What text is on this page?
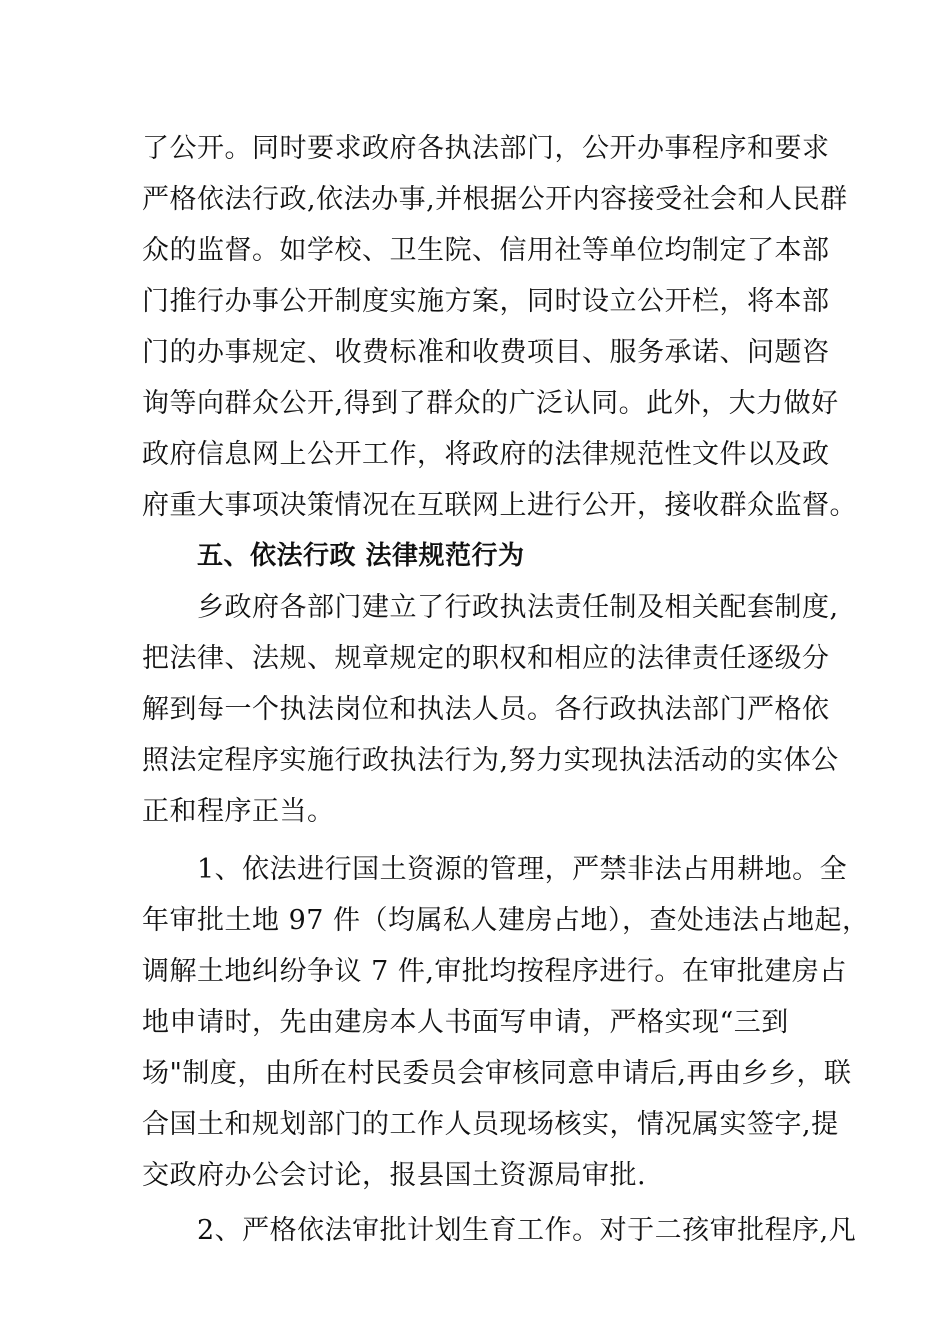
了公开。同时要求政府各执法部门，公开办事程序和要求
严格依法行政,依法办事,并根据公开内容接受社会和人民群
众的监督。如学校、卫生院、信用社等单位均制定了本部
门推行办事公开制度实施方案，同时设立公开栏，将本部
门的办事规定、收费标准和收费项目、服务承诺、问题咨
询等向群众公开,得到了群众的广泛认同。此外，大力做好
政府信息网上公开工作，将政府的法律规范性文件以及政
府重大事项决策情况在互联网上进行公开，接收群众监督。
五、依法行政 法律规范行为
乡政府各部门建立了行政执法责任制及相关配套制度,
把法律、法规、规章规定的职权和相应的法律责任逐级分
解到每一个执法岗位和执法人员。各行政执法部门严格依
照法定程序实施行政执法行为,努力实现执法活动的实体公
正和程序正当。
1、依法进行国土资源的管理，严禁非法占用耕地。全
年审批土地 97 件（均属私人建房占地），查处违法占地起，
调解土地纠纷争议 7 件,审批均按程序进行。在审批建房占
地申请时，先由建房本人书面写申请，严格实现“三到
场"制度，由所在村民委员会审核同意申请后,再由乡乡，联
合国土和规划部门的工作人员现场核实，情况属实签字,提
交政府办公会讨论，报县国土资源局审批.
2、严格依法审批计划生育工作。对于二孩审批程序,凡
